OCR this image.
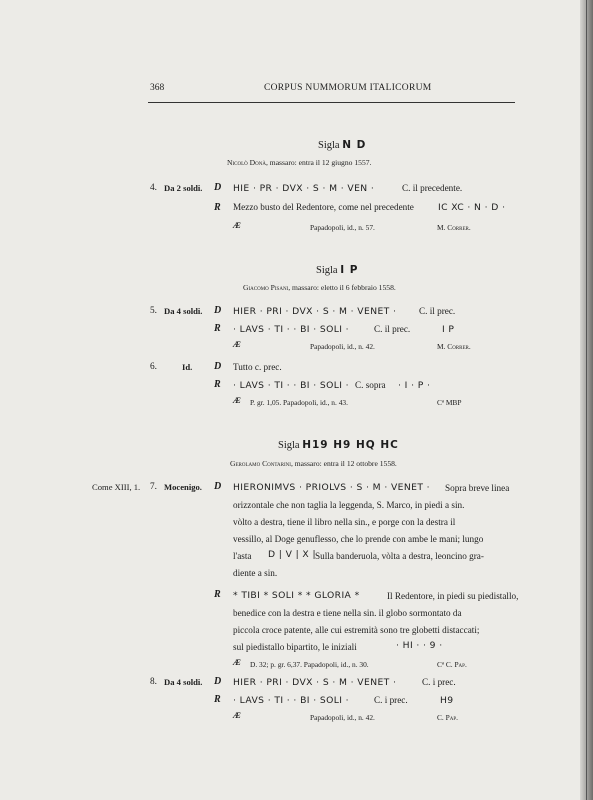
368	CORPUS NUMMORUM ITALICORUM
Sigla N D
Nicolò Donà, massaro: entra il 12 giugno 1557.
4. Da 2 soldi. D HIE · PR · DVX · S · M · VEN ·	C. il precedente.
R Mezzo busto del Redentore, come nel precedente	IC XC · N · D ·
Æ	Papadopoli, id., n. 57.	M. Correr.
Sigla I P
Giacomo Pisani, massaro: eletto il 6 febbraio 1558.
5. Da 4 soldi. D HIER · PRI · DVX · S · M · VENET · C. il prec.
R · LAVS · TI · · BI · SOLI ·	C. il prec.	I P
Æ	Papadopoli, id., n. 42.	M. Correr.
6.	Id. D Tutto c. prec.
R · LAVS · TI · · BI · SOLI · C. sopra · I · P ·
Æ P. gr. 1,05. Papadopoli, id., n. 43.	Cª MBP
Sigla H19 H9 HQ HC
Gerolamo Contarini, massaro: entra il 12 ottobre 1558.
Come XIII, 1. 7. Mocenigo. D HIERONIMVS · PRIOLVS · S · M · VENET · Sopra breve linea
orizzontale che non taglia la leggenda, S. Marco, in piedi a sin.
vòlto a destra, tiene il libro nella sin., e porge con la destra il
vessillo, al Doge genuflesso, che lo prende con ambe le mani; lungo
l'asta D | V | X | Sulla banderuola, vòlta a destra, leoncino gra-
diente a sin.
R * TIBI * SOLI * * GLORIA *	Il Redentore, in piedi su piedistallo,
benedice con la destra e tiene nella sin. il globo sormontato da
piccola croce patente, alle cui estremità sono tre globetti distaccati;
sul piedistallo bipartito, le iniziali	· HI · · 9 ·
Æ D. 32; p. gr. 6,37. Papadopoli, id., n. 30.	Cª C. Pap.
8. Da 4 soldi. D HIER · PRI · DVX · S · M · VENET ·	C. i prec.
R · LAVS · TI · · BI · SOLI ·	C. i prec.	H9
Æ	Papadopoli, id., n. 42.	C. Pap.
